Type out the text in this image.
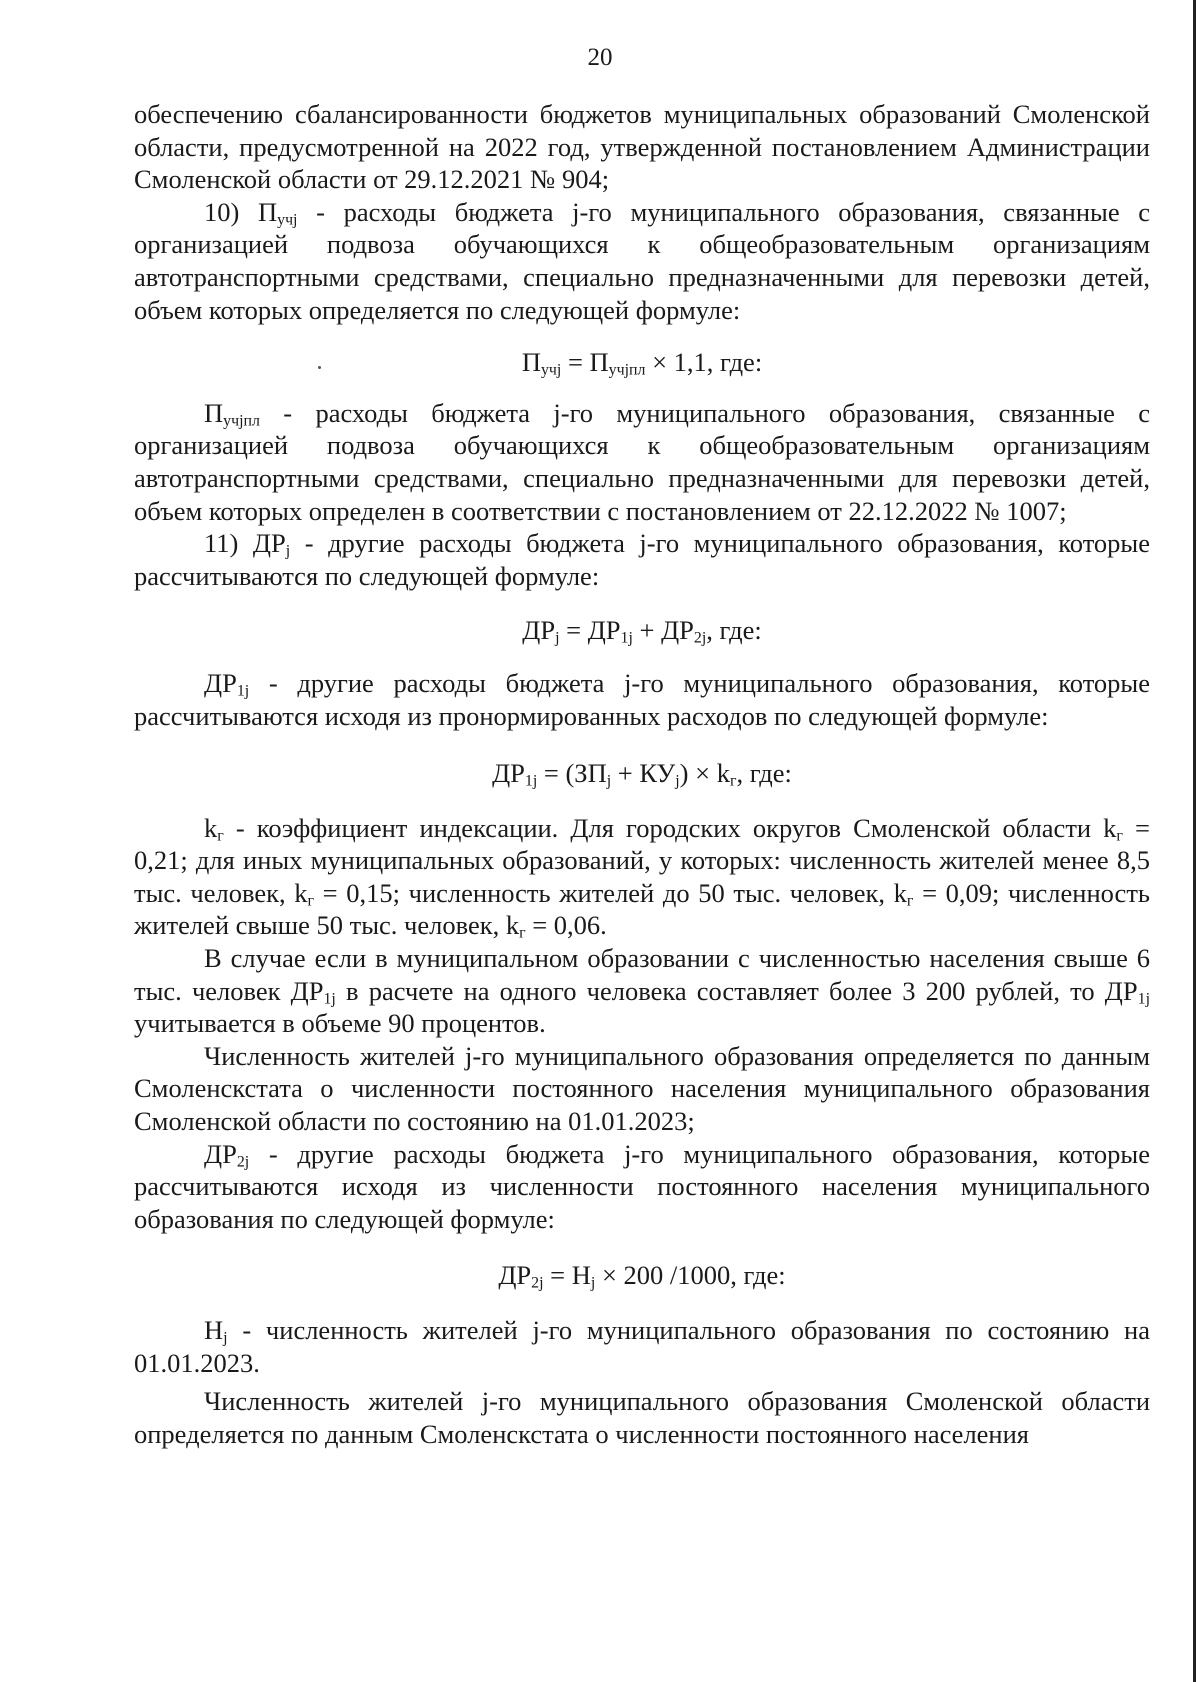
20

обеспечению сбалансированности бюджетов муниципальных образований Смоленской области, предусмотренной на 2022 год, утвержденной постановлением Администрации Смоленской области от 29.12.2021 № 904;

10) $П_{учj}$ - расходы бюджета j-го муниципального образования, связанные с организацией подвоза обучающихся к общеобразовательным организациям автотранспортными средствами, специально предназначенными для перевозки детей, объем которых определяется по следующей формуле:

$П_{учj} = П_{учjпл} \times 1,1$, где:

$П_{учjпл}$ - расходы бюджета j-го муниципального образования, связанные с организацией подвоза обучающихся к общеобразовательным организациям автотранспортными средствами, специально предназначенными для перевозки детей, объем которых определен в соответствии с постановлением от 22.12.2022 № 1007;

11) $ДР_j$ - другие расходы бюджета j-го муниципального образования, которые рассчитываются по следующей формуле:

$ДР_j = ДР_{1j} + ДР_{2j}$, где:

$ДР_{1j}$ - другие расходы бюджета j-го муниципального образования, которые рассчитываются исходя из пронормированных расходов по следующей формуле:

$ДР_{1j} = (ЗП_j + КУ_j) \times k_г$, где:

$k_г$ - коэффициент индексации. Для городских округов Смоленской области $k_г = 0,21$; для иных муниципальных образований, у которых: численность жителей менее 8,5 тыс. человек, $k_г = 0,15$; численность жителей до 50 тыс. человек, $k_г = 0,09$; численность жителей свыше 50 тыс. человек, $k_г = 0,06$.

В случае если в муниципальном образовании с численностью населения свыше 6 тыс. человек $ДР_{1j}$ в расчете на одного человека составляет более 3 200 рублей, то $ДР_{1j}$ учитывается в объеме 90 процентов.

Численность жителей j-го муниципального образования определяется по данным Смоленскстата о численности постоянного населения муниципального образования Смоленской области по состоянию на 01.01.2023;

$ДР_{2j}$ - другие расходы бюджета j-го муниципального образования, которые рассчитываются исходя из численности постоянного населения муниципального образования по следующей формуле:

$ДР_{2j} = Н_j \times 200$ /1000, где:

$Н_j$ - численность жителей j-го муниципального образования по состоянию на 01.01.2023.

Численность жителей j-го муниципального образования Смоленской области определяется по данным Смоленскстата о численности постоянного населения
